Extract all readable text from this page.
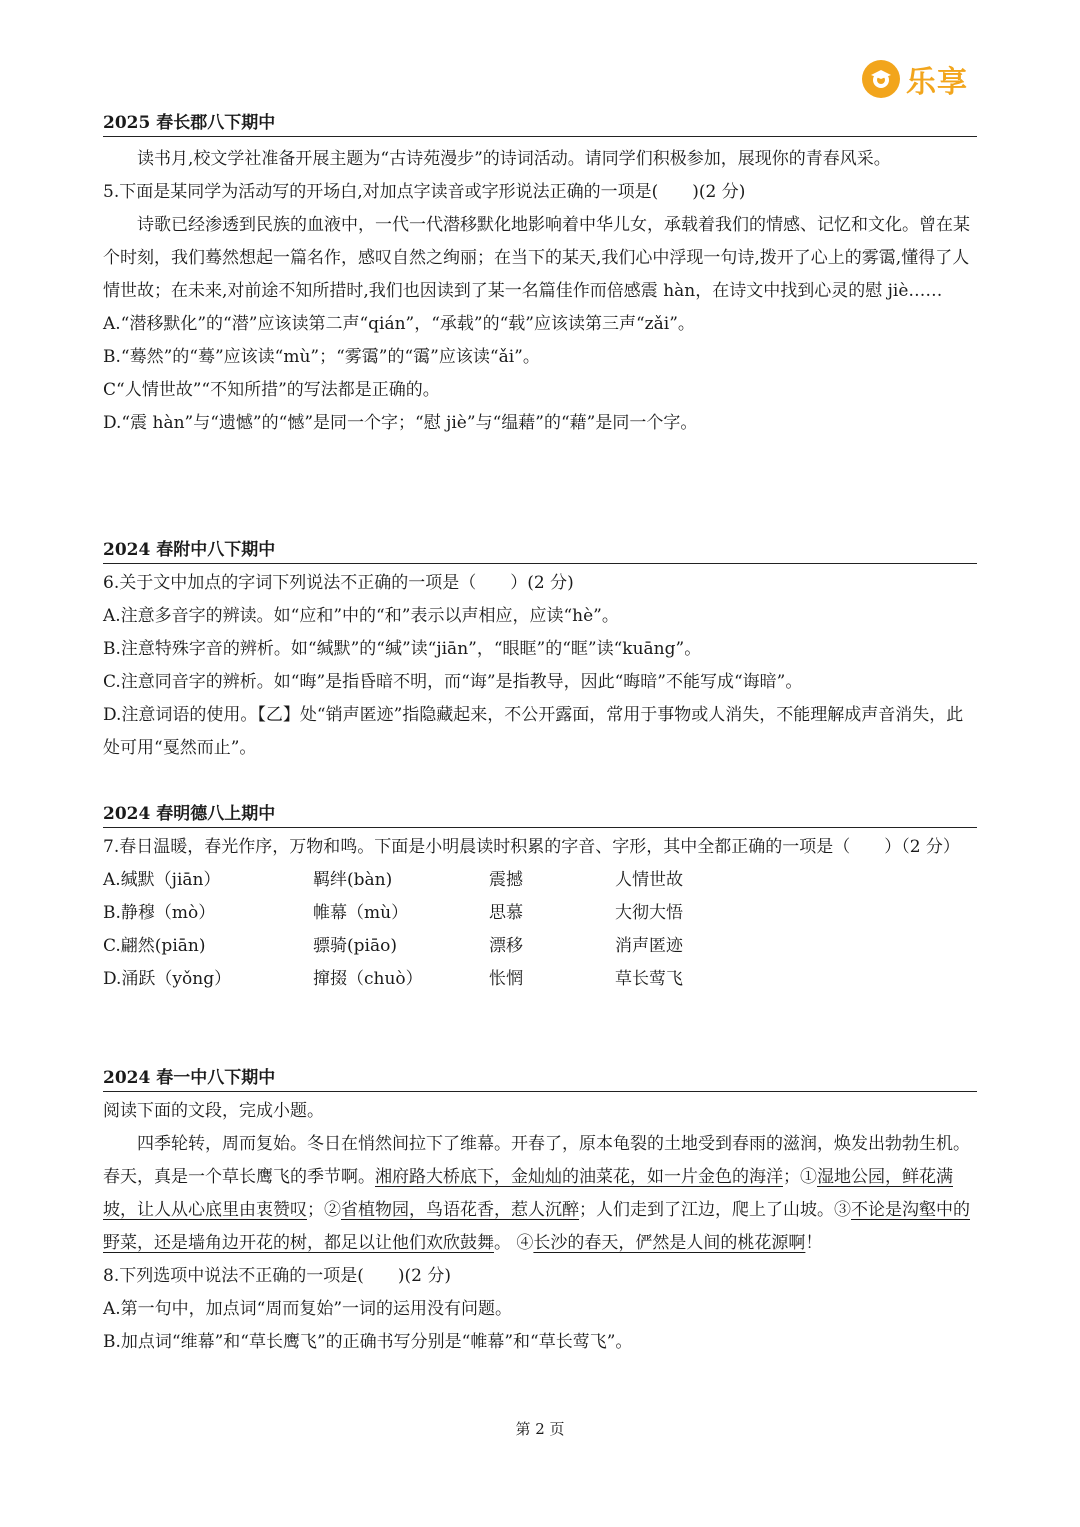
乐享
2025 春长郡八下期中
读书月,校文学社准备开展主题为“古诗苑漫步”的诗词活动。请同学们积极参加，展现你的青春风采。
5.下面是某同学为活动写的开场白,对加点字读音或字形说法正确的一项是(　　)(2 分)
诗歌已经渗透到民族的血液中，一代一代潜移默化地影响着中华儿女，承载着我们的情感、记忆和文化。曾在某个时刻，我们蓦然想起一篇名作，感叹自然之绚丽；在当下的某天,我们心中浮现一句诗,拨开了心上的雾霭,懂得了人情世故；在未来,对前途不知所措时,我们也因读到了某一名篇佳作而倍感震 hàn，在诗文中找到心灵的慰 jiè……
A.“潜移默化”的“潜”应该读第二声“qián”，“承载”的“载”应该读第三声“zǎi”。
B.“蓦然”的“蓦”应该读“mù”；“雾霭”的“霭”应该读“ǎi”。
C“人情世故”“不知所措”的写法都是正确的。
D.“震 hàn”与“遗憾”的“憾”是同一个字；“慰 jiè”与“缊藉”的“藉”是同一个字。
2024 春附中八下期中
6.关于文中加点的字词下列说法不正确的一项是（　　）(2 分)
A.注意多音字的辨读。如“应和”中的“和”表示以声相应，应读“hè”。
B.注意特殊字音的辨析。如“缄默”的“缄”读“jiān”，“眼眶”的“眶”读“kuāng”。
C.注意同音字的辨析。如“晦”是指昏暗不明，而“诲”是指教导，因此“晦暗”不能写成“诲暗”。
D.注意词语的使用。【乙】处“销声匿迹”指隐藏起来，不公开露面，常用于事物或人消失，不能理解成声音消失，此处可用“戛然而止”。
2024 春明德八上期中
7.春日温暖，春光作序，万物和鸣。下面是小明晨读时积累的字音、字形，其中全都正确的一项是（　　）（2 分）
A.缄默（jiān）	羁绊(bàn)	震撼	人情世故
B.静穆（mò）	帷幕（mù）	思慕	大彻大悟
C.翩然(piān)	骠骑(piāo)	漂移	消声匿迹
D.涌跃（yǒng）	撺掇（chuò）	怅惘	草长莺飞
2024 春一中八下期中
阅读下面的文段，完成小题。
四季轮转，周而复始。冬日在悄然间拉下了维幕。开春了，原本龟裂的土地受到春雨的滋润，焕发出勃勃生机。春天，真是一个草长鹰飞的季节啊。湘府路大桥底下，金灿灿的油菜花，如一片金色的海洋；①湿地公园，鲜花满坡，让人从心底里由衷赞叹；②省植物园，鸟语花香，惹人沉醉；人们走到了江边，爬上了山坡。③不论是沟壑中的野菜，还是墙角边开花的树，都足以让他们欢欣鼓舞。 ④长沙的春天，俨然是人间的桃花源啊！
8.下列选项中说法不正确的一项是(　　)(2 分)
A.第一句中，加点词“周而复始”一词的运用没有问题。
B.加点词“维幕”和“草长鹰飞”的正确书写分别是“帷幕”和“草长莺飞”。
第 2 页
